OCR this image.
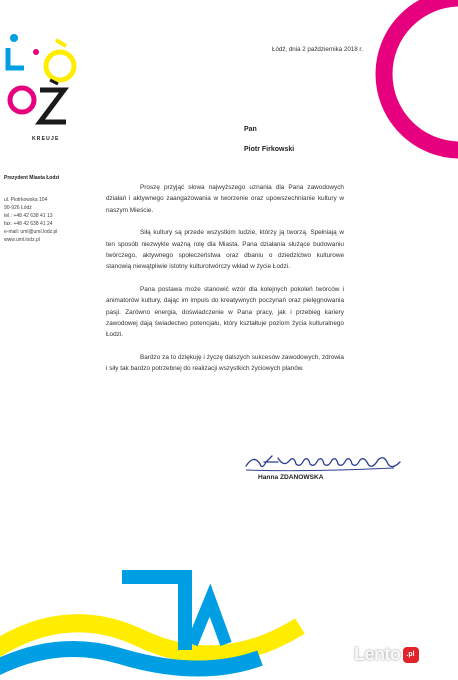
KREUJE
Prezydent Miasta Łodzi
ul. Piotrkowska 104
90-926 Łódź
tel.: +48 42 638 41 13
fax: +48 42 638 41 24
e-mail: uml@uml.lodz.pl
www.uml.lodz.pl
Łódź, dnia 2 października 2018 r.
Pan
Piotr Firkowski

Proszę przyjąć słowa najwyższego uznania dla Pana zawodowych działań i aktywnego zaangażowania w tworzenie oraz upowszechnianie kultury w naszym Mieście.

Siłą kultury są przede wszystkim ludzie, którzy ją tworzą. Spełniają w ten sposób niezwykle ważną rolę dla Miasta. Pana działania służące budowaniu twórczego, aktywnego społeczeństwa oraz dbaniu o dziedzictwo kulturowe stanowią niewątpliwie istotny kulturotwórczy wkład w życie Łodzi.

Pana postawa może stanowić wzór dla kolejnych pokoleń twórców i animatorów kultury, dając im impuls do kreatywnych poczynań oraz pielęgnowania pasji. Zarówno energia, doświadczenie w Pana pracy, jak i przebieg kariery zawodowej dają świadectwo potencjału, który kształtuje poziom życia kulturalnego Łodzi.

Bardzo za to dziękuję i życzę dalszych sukcesów zawodowych, zdrowia i siły tak bardzo potrzebnej do realizacji wszystkich życiowych planów.

Hanna ZDANOWSKA
Lento .pl
